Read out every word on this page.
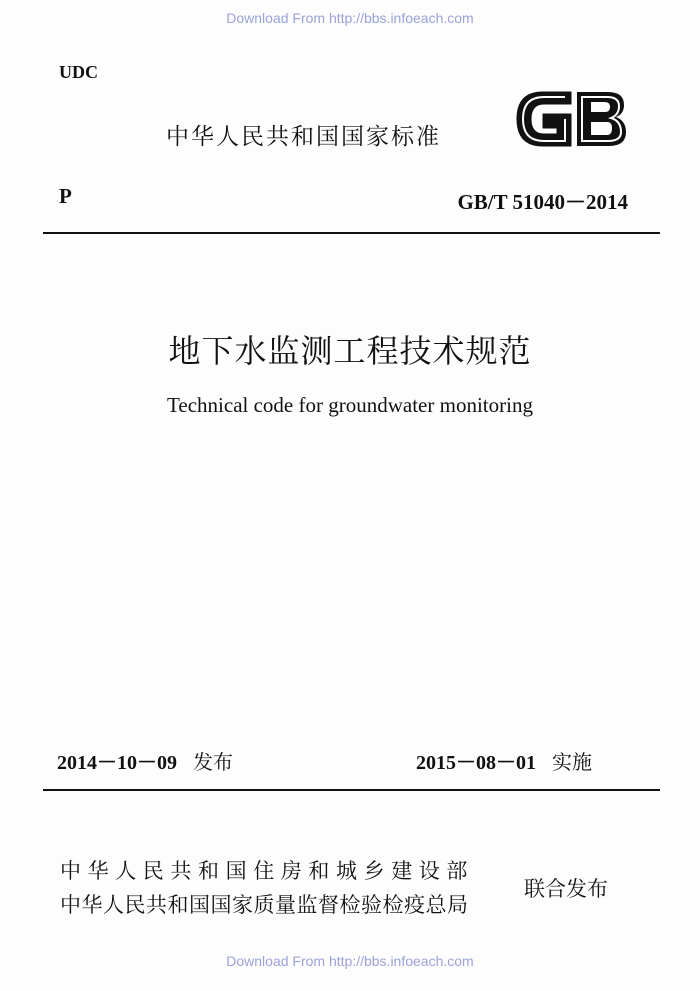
Download From http://bbs.infoeach.com
UDC
中华人民共和国国家标准
P	GB/T 51040－2014
地下水监测工程技术规范
Technical code for groundwater monitoring
2014－10－09 发布	2015－08－01 实施
中华人民共和国住房和城乡建设部
中华人民共和国国家质量监督检验检疫总局
联合发布
Download From http://bbs.infoeach.com
